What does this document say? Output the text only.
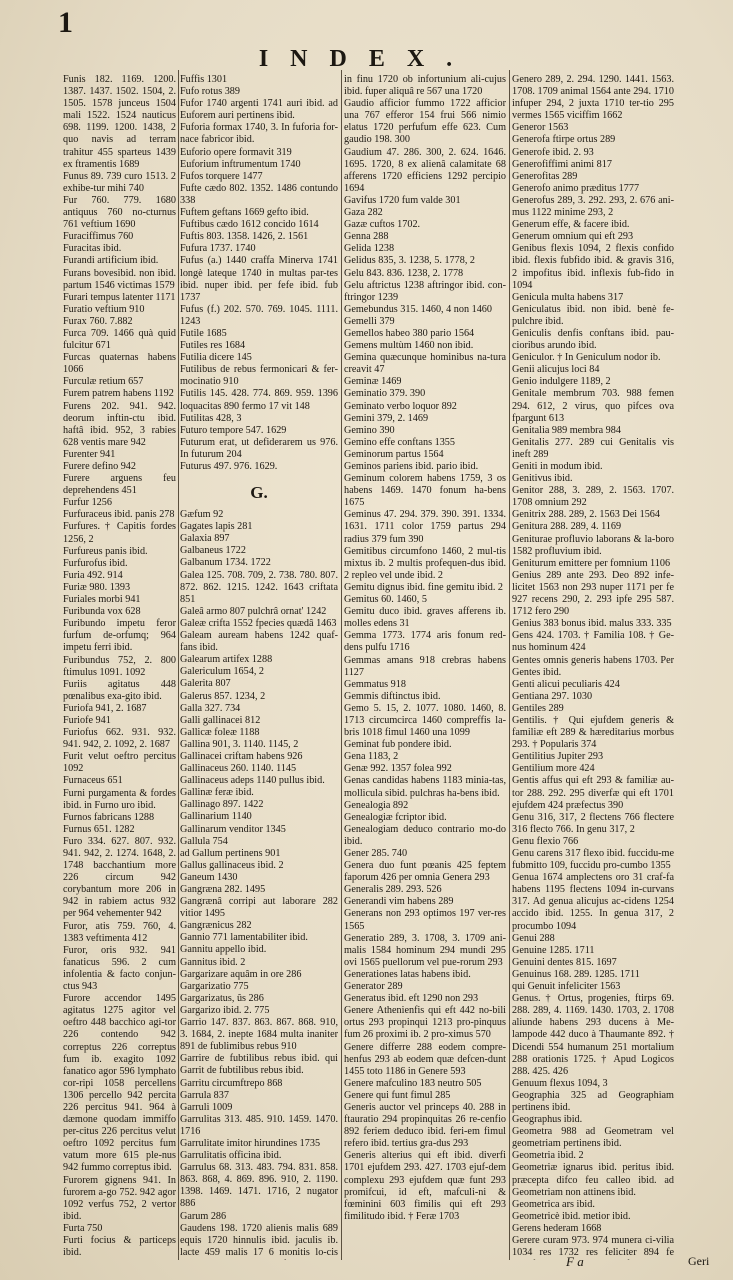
1
INDEX.

Funis 182. 1169. 1200. 1387. 1437. 1502. 1504, 2. 1505. 1578 junceus 1504 mali 1522. 1524 nauticus 698. 1199. 1200. 1438, 2 quo navis ad terram trahitur 455 sparteus 1439 ex ftramentis 1689

Funus 89. 739 curo 1513. 2 exhibe-tur mihi 740

Fur 760. 779. 1680 antiquus 760 no-cturnus 761 veftium 1690

Furaciffimus 760

Furacitas ibid.

Furandi artificium ibid.

Furans bovesibid. non ibid. partum 1546 victimas 1579

Furari tempus latenter 1171

Furatio veftium 910

Furax 760. 7.882

Furca 709. 1466 quà quid fulcitur 671

Furcas quaternas habens 1066

Furculæ retium 657

Furem patrem habens 1192

Furens 202. 941. 942. deorum inftin-ctu ibid. haftâ ibid. 952, 3 rabies 628 ventis mare 942

Furenter 941

Furere defino 942

Furere arguens feu deprehendens 451

Furfur 1256

Furfuraceus ibid. panis 278

Furfures. † Capitis fordes 1256, 2

Furfureus panis ibid.

Furfurofus ibid.

Furia 492. 914

Furiæ 980. 1393

Furiales morbi 941

Furibunda vox 628

Furibundo impetu feror furfum de-orfumq; 964 impetu ferri ibid.

Furibundus 752, 2. 800 ftimulus 1091. 1092

Furiis agitatus 448 pœnalibus exa-gito ibid.

Furiofa 941, 2. 1687

Furiofe 941

Furiofus 662. 931. 932. 941. 942, 2. 1092, 2. 1687

Furit velut oeftro percitus 1092

Furnaceus 651

Furni purgamenta & fordes ibid. in Furno uro ibid.

Furnos fabricans 1288

Furnus 651. 1282

Furo 334. 627. 807. 932. 941. 942, 2. 1274. 1648, 2. 1748 bacchantium more 226 circum 942 corybantum more 206 in 942 in rabiem actus 932 per 964 vehementer 942

Furor, atis 759. 760, 4. 1383 veftimenta 412

Furor, oris 932. 941 fanaticus 596. 2 cum infolentia & facto conjun-ctus 943

Furore accendor 1495 agitatus 1275 agitor vel oeftro 448 bacchico agi-tor 226 contendo 942 correptus 226 correptus fum ib. exagito 1092 fanatico agor 596 lymphato cor-ripi 1058 percellens 1306 percello 942 percita 226 percitus 941. 964 à dæmone quodam immiffo per-citus 226 percitus velut oeftro 1092 percitus fum vatum more 615 ple-nus 942 fummo correptus ibid.

Furorem gignens 941. In furorem a-go 752. 942 agor 1092 verfus 752, 2 vertor ibid.

Furta 750

Furti focius & particeps ibid.

Fuffis 1301

Fufo rotus 389

Fufor 1740 argenti 1741 auri ibid. ad Euforem auri pertinens ibid.

Fuforia formax 1740, 3. In fuforia for-nace fabricor ibid.

Euforio opere formavit 319

Euforium inftrumentum 1740

Fufos torquere 1477

Fufte cædo 802. 1352. 1486 contundo 338

Fuftem geftans 1669 gefto ibid.

Fuftibus cædo 1612 concido 1614

Fuftis 803. 1358. 1426, 2. 1561

Fufura 1737. 1740

Fufus (a.) 1440 craffa Minerva 1741 longè lateque 1740 in multas par-tes ibid. nuper ibid. per fefe ibid. fub 1737

Fufus (f.) 202. 570. 769. 1045. 1111. 1243

Futile 1685

Futiles res 1684

Futilia dicere 145

Futilibus de rebus fermonicari & fer-mocinatio 910

Futilis 145. 428. 774. 869. 959. 1396 loquacitas 890 fermo 17 vit 148

Futilitas 428, 3

Futuro tempore 547. 1629

Futurum erat, ut defiderarem us 976. In futurum 204

Futurus 497. 976. 1629.

G.

Gæfum 92

Gagates lapis 281

Galaxia 897

Galbaneus 1722

Galbanum 1734. 1722

Galea 125. 708. 709, 2. 738. 780. 807. 872. 862. 1215. 1242. 1643 criftata 851

Galeâ armo 807 pulchrâ ornat' 1242

Galeæ crifta 1552 fpecies quædâ 1463

Galeam auream habens 1242 quaf-fans ibid.

Galearum artifex 1288

Galericulum 1654, 2

Galerita 807

Galerus 857. 1234, 2

Galla 327. 734

Galli gallinacei 812

Gallicæ foleæ 1188

Gallina 901, 3. 1140. 1145, 2

Gallinacei criftam habens 926

Gallinaceus 260. 1140. 1145

Gallinaceus adeps 1140 pullus ibid.

Gallinæ feræ ibid.

Gallinago 897. 1422

Gallinarium 1140

Gallinarum venditor 1345

Gallula 754

ad Gallum pertinens 901

Gallus gallinaceus ibid. 2

Ganeum 1430

Gangræna 282. 1495

Gangrænâ corripi aut laborare 282 vitior 1495

Gangrænicus 282

Gannio 771 lamentabiliter ibid.

Gannitu appello ibid.

Gannitus ibid. 2

Gargarizare aquâm in ore 286

Gargarizatio 775

Gargarizatus, ûs 286

Gargarizo ibid. 2. 775

Garrio 147. 837. 863. 867. 868. 910, 3. 1684, 2. inepte 1684 multa inaniter 891 de fublimibus rebus 910

Garrire de fubtilibus rebus ibid. qui Garrit de fubtilibus rebus ibid.

Garritu circumftrepo 868

Garrula 837

Garruli 1009

Garrulitas 313. 485. 910. 1459. 1470. 1716

Garrulitate imitor hirundines 1735

Garrulitatis officina ibid.

Garrulus 68. 313. 483. 794. 831. 858. 863. 868, 4. 869. 896. 910, 2. 1190. 1398. 1469. 1471. 1716, 2 nugator 886

Garum 286

Gaudens 198. 1720 alienis malis 689 equis 1720 hinnulis ibid. jaculis ib. lacte 459 malis 17 6 monitis lo-cis

in finu 1720 ob infortunium ali-cujus ibid. fuper aliquâ re 567 una 1720

Gaudio afficior fummo 1722 afficior una 767 efferor 154 frui 566 nimio elatus 1720 perfufum effe 623. Cum gaudio 198. 300

Gaudium 47. 286. 300, 2. 624. 1646. 1695. 1720, 8 ex alienâ calamitate 68 afferens 1720 efficiens 1292 percipio 1694

Gavifus 1720 fum valde 301

Gaza 282

Gazæ cuftos 1702.

Genna 288

Gelida 1238

Gelidus 835, 3. 1238, 5. 1778, 2

Gelu 843. 836. 1238, 2. 1778

Gelu aftrictus 1238 aftringor ibid. con-ftringor 1239

Gemebundus 315. 1460, 4 non 1460

Gemelli 379

Gemellos habeo 380 pario 1564

Gemens multùm 1460 non ibid.

Gemina quæcunque hominibus na-tura creavit 47

Geminæ 1469

Geminatio 379. 390

Geminato verbo loquor 892

Gemini 379, 2. 1469

Gemino 390

Gemino effe conftans 1355

Geminorum partus 1564

Geminos pariens ibid. pario ibid.

Geminum colorem habens 1759, 3 os habens 1469. 1470 fonum ha-bens 1675

Geminus 47. 294. 379. 390. 391. 1334. 1631. 1711 color 1759 partus 294 radius 379 fum 390

Gemitibus circumfono 1460, 2 mul-tis mixtus ib. 2 multis profequen-dus ibid. 2 repleo vel unde ibid. 2

Gemitu dignus ibid. fine gemitu ibid. 2

Gemitus 60. 1460, 5

Gemitu duco ibid. graves afferens ib. molles edens 31

Gemma 1773. 1774 aris fonum red-dens pulfu 1716

Gemmas amans 918 crebras habens 1127

Gemmatus 918

Gemmis diftinctus ibid.

Gemo 5. 15, 2. 1077. 1080. 1460, 8. 1713 circumcirca 1460 compreffis la-bris 1018 fimul 1460 una 1099

Geminat fub pondere ibid.

Gena 1183, 2

Genæ 992. 1357 folea 992

Genas candidas habens 1183 minia-tas, mollicula sibid. pulchras ha-bens ibid.

Genealogia 892

Genealogiæ fcriptor ibid.

Genealogiam deduco contrario mo-do ibid.

Gener 285. 740

Genera duo funt pœanis 425 feptem faporum 426 per omnia Genera 293

Generalis 289. 293. 526

Generandi vim habens 289

Generans non 293 optimos 197 ver-res 1565

Generatio 289, 3. 1708, 3. 1709 ani-malis 1584 hominum 294 mundi 295 ovi 1565 puellorum vel pue-rorum 293

Generationes latas habens ibid.

Generator 289

Generatus ibid. eft 1290 non 293

Genere Athenienfis qui eft 442 no-bili ortus 293 propinqui 1213 pro-pinquus fum 26 proximi ib. 2 pro-ximus 570

Genere differre 288 eodem compre-henfus 293 ab eodem quæ defcen-dunt 1455 toto 1186 in Genere 593

Genere mafculino 183 neutro 505

Genere qui funt fimul 285

Generis auctor vel princeps 40. 288 in ftauratio 294 propinquitas 26 re-cenfio 892 feriem deduco ibid. feri-em fimul refero ibid. tertius gra-dus 293

Generis alterius qui eft ibid. diverfi 1701 ejufdem 293. 427. 1703 ejuf-dem complexu 293 ejufdem quæ funt 293 promifcui, id eft, mafculi-ni & fœminini 603 fimilis qui eft 293 fimilitudo ibid. † Feræ 1703

Genero 289, 2. 294. 1290. 1441. 1563. 1708. 1709 animal 1564 ante 294. 1710 infuper 294, 2 juxta 1710 ter-tio 295 vermes 1565 viciffim 1662

Generor 1563

Generofa ftirpe ortus 289

Generofe ibid. 2. 93

Generofiffimi animi 817

Generofitas 289

Generofo animo præditus 1777

Generofus 289, 3. 292. 293, 2. 676 ani-mus 1122 minime 293, 2

Generum effe, & facere ibid.

Generum omnium qui eft 293

Genibus flexis 1094, 2 flexis confido ibid. flexis fubfido ibid. & gravis 316, 2 impofitus ibid. inflexis fub-fido in 1094

Genicula multa habens 317

Geniculatus ibid. non ibid. benè fe-pulchre ibid.

Geniculis denfis conftans ibid. pau-cioribus arundo ibid.

Geniculor. † In Geniculum nodor ib.

Genii alicujus loci 84

Genio indulgere 1189, 2

Genitale membrum 703. 988 femen 294. 612, 2 virus, quo pifces ova fpargunt 613

Genitalia 989 membra 984

Genitalis 277. 289 cui Genitalis vis ineft 289

Geniti in modum ibid.

Genitivus ibid.

Genitor 288, 3. 289, 2. 1563. 1707. 1708 omnium 292

Genitrix 288. 289, 2. 1563 Dei 1564

Genitura 288. 289, 4. 1169

Geniturae profluvio laborans & la-boro 1582 profluvium ibid.

Geniturum emittere per fomnium 1106

Genius 289 ante 293. Deo 892 infe-licitet 1563 non 293 nuper 1171 per fe 927 recens 290, 2. 293 ipfe 295 587. 1712 fero 290

Genius 383 bonus ibid. malus 333. 335

Gens 424. 1703. † Familia 108. † Ge-nus hominum 424

Gentes omnis generis habens 1703. Per Gentes ibid.

Genti alicui peculiaris 424

Gentiana 297. 1030

Gentiles 289

Gentilis. † Qui ejufdem generis & familiæ eft 289 & hæreditarius morbus 293. † Popularis 374

Gentilitius Jupiter 293

Gentilium more 424

Gentis affus qui eft 293 & familiæ au-tor 288. 292. 295 diverfæ qui eft 1701 ejufdem 424 præfectus 390

Genu 316, 317, 2 flectens 766 flectere 316 flecto 766. In genu 317, 2

Genu flexio 766

Genu carens 317 flexo ibid. fuccidu-me fubmitto 109, fuccidu pro-cumbo 1355

Genua 1674 amplectens oro 31 craf-fa habens 1195 flectens 1094 in-curvans 317. Ad genua alicujus ac-cidens 1254 accido ibid. 1255. In genua 317, 2 procumbo 1094

Genui 288

Genuine 1285. 1711

Genuini dentes 815. 1697

Genuinus 168. 289. 1285. 1711

qui Genuit infeliciter 1563

Genus. † Ortus, progenies, ftirps 69. 288. 289, 4. 1169. 1430. 1703, 2. 1708 aliunde habens 293 ducens à Me-lampode 442 duco à Thaumante 892. † Dicendi 554 humanum 251 mortalium 288 orationis 1725. † Apud Logicos 288. 425. 426

Genuum flexus 1094, 3

Geographia 325 ad Geographiam pertinens ibid.

Geographus ibid.

Geometra 988 ad Geometram vel geometriam pertinens ibid.

Geometria ibid. 2

Geometriæ ignarus ibid. peritus ibid. præcepta difco feu calleo ibid. ad Geometriam non attinens ibid.

Geometrica ars ibid.

Geometricè ibid. metior ibid.

Gerens hederam 1668

Gerere curam 973. 974 munera ci-vilia 1034 res 1732 res feliciter 894 fe

F a	Geri
